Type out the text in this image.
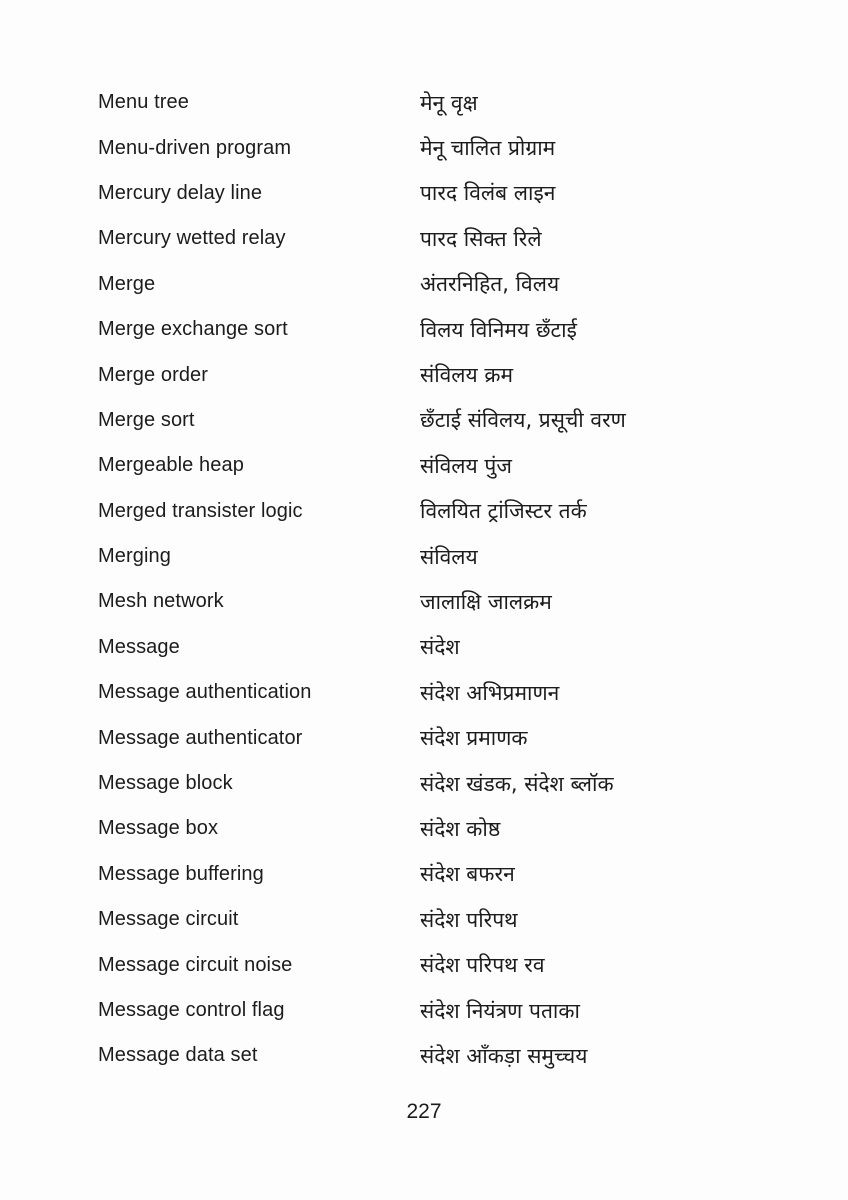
Menu tree	मेनू वृक्ष
Menu-driven program	मेनू चालित प्रोग्राम
Mercury delay line	पारद विलंब लाइन
Mercury wetted relay	पारद सिक्त रिले
Merge	अंतरनिहित, विलय
Merge exchange sort	विलय विनिमय छँटाई
Merge order	संविलय क्रम
Merge sort	छँटाई संविलय, प्रसूची वरण
Mergeable heap	संविलय पुंज
Merged transister logic	विलयित ट्रांजिस्टर तर्क
Merging	संविलय
Mesh network	जालाक्षि जालक्रम
Message	संदेश
Message authentication	संदेश अभिप्रमाणन
Message authenticator	संदेश प्रमाणक
Message block	संदेश खंडक, संदेश ब्लॉक
Message box	संदेश कोष्ठ
Message buffering	संदेश बफरन
Message circuit	संदेश परिपथ
Message circuit noise	संदेश परिपथ रव
Message control flag	संदेश नियंत्रण पताका
Message data set	संदेश आँकड़ा समुच्चय
227
